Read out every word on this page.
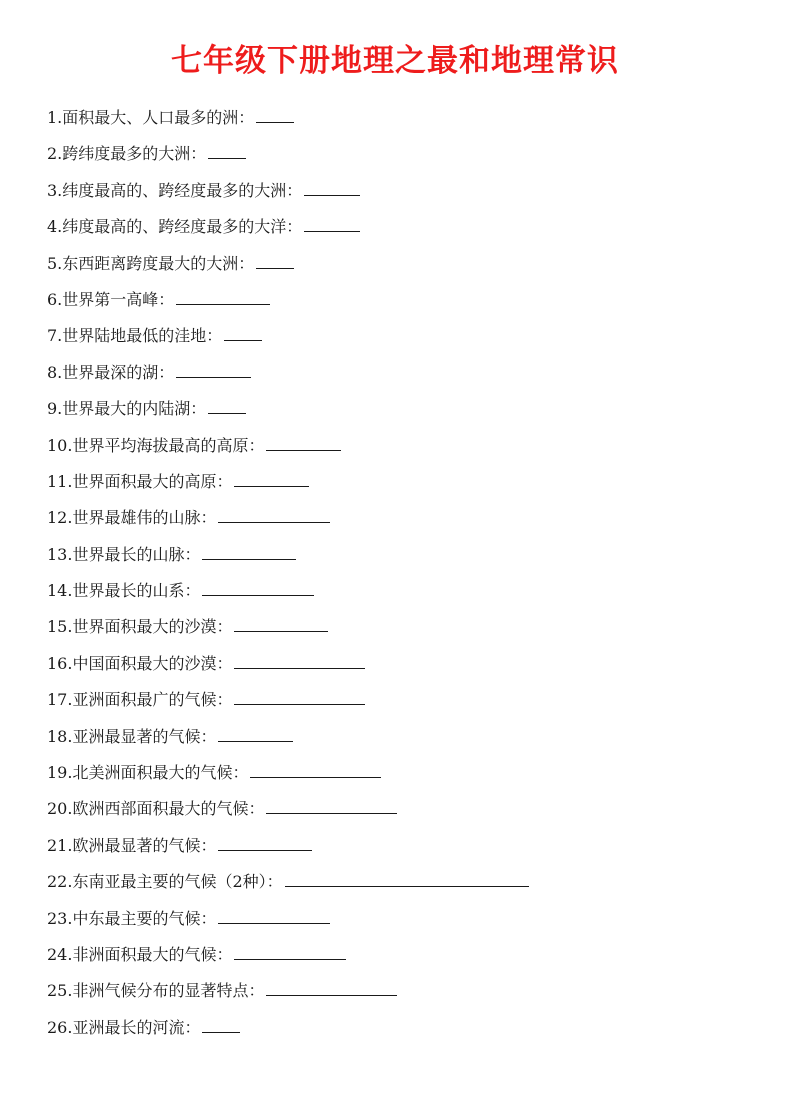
七年级下册地理之最和地理常识
1.面积最大、人口最多的洲：
2.跨纬度最多的大洲：
3.纬度最高的、跨经度最多的大洲：
4.纬度最高的、跨经度最多的大洋：
5.东西距离跨度最大的大洲：
6.世界第一高峰：
7.世界陆地最低的洼地：
8.世界最深的湖：
9.世界最大的内陆湖：
10.世界平均海拔最高的高原：
11.世界面积最大的高原：
12.世界最雄伟的山脉：
13.世界最长的山脉：
14.世界最长的山系：
15.世界面积最大的沙漠：
16.中国面积最大的沙漠：
17.亚洲面积最广的气候：
18.亚洲最显著的气候：
19.北美洲面积最大的气候：
20.欧洲西部面积最大的气候：
21.欧洲最显著的气候：
22.东南亚最主要的气候（2种）：
23.中东最主要的气候：
24.非洲面积最大的气候：
25.非洲气候分布的显著特点：
26.亚洲最长的河流：
